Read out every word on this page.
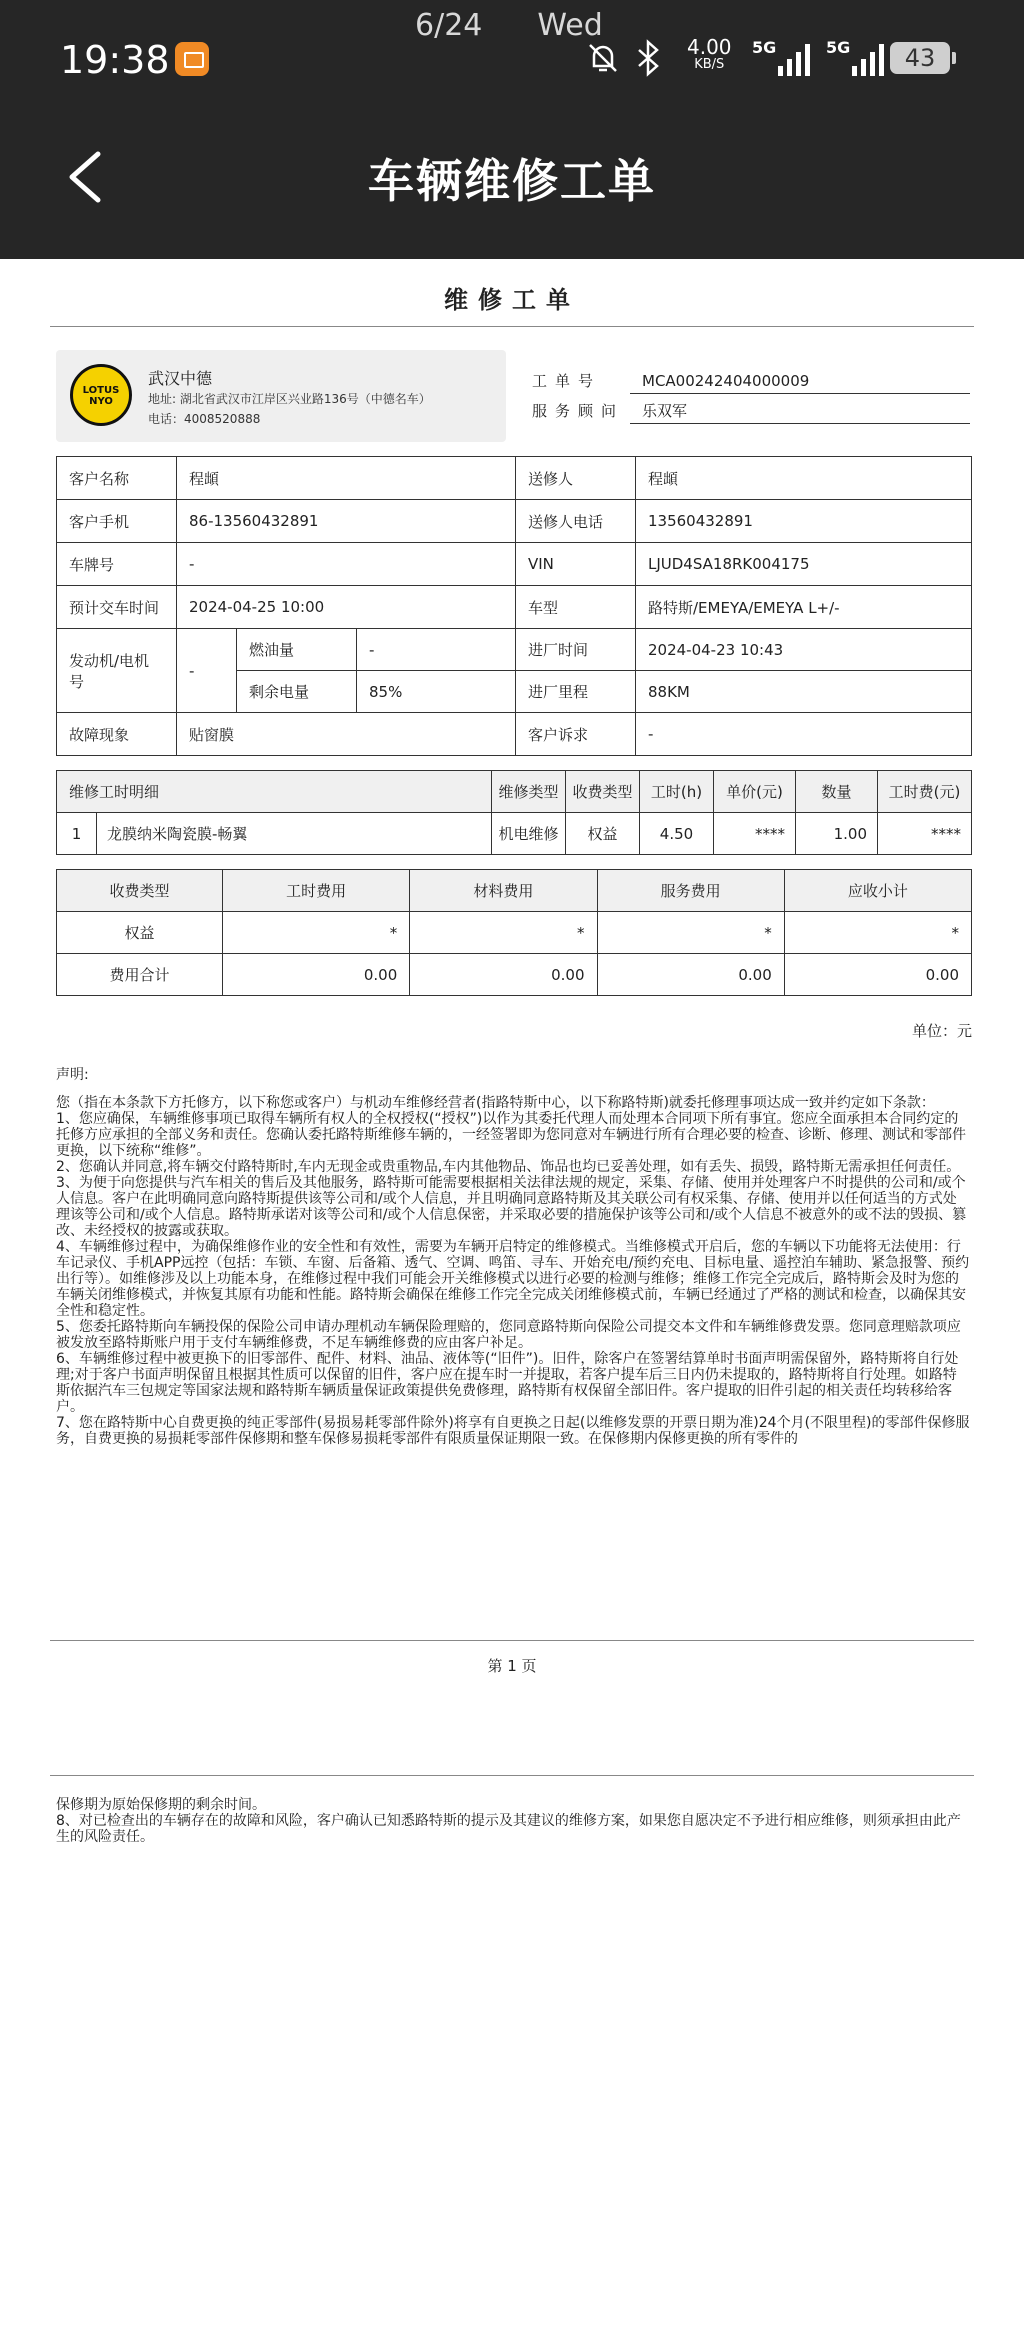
19:38
6/24 Wed
4.00
KB/S
5G	5G	43
车辆维修工单
维修工单
LOTUS NYO
武汉中德
地址: 湖北省武汉市江岸区兴业路136号（中德名车）
电话：4008520888
工单号	MCA00242404000009
服务顾问	乐双军
客户名称	程䪼			送修人	程䪼
客户手机	86-13560432891			送修人电话	13560432891
车牌号	-			VIN	LJUD4SA18RK004175
预计交车时间	2024-04-25 10:00			车型	路特斯/EMEYA/EMEYA L+/-
发动机/电机号	-	燃油量	-	进厂时间	2024-04-23 10:43
		剩余电量	85%	进厂里程	88KM
故障现象	贴窗膜			客户诉求	-
维修工时明细		维修类型	收费类型	工时(h)	单价(元)	数量	工时费(元)
1	龙膜纳米陶瓷膜-畅翼	机电维修	权益	4.50	****	1.00	****
收费类型	工时费用	材料费用	服务费用	应收小计
权益	*	*	*	*
费用合计	0.00	0.00	0.00	0.00
单位：元

声明:

您（指在本条款下方托修方，以下称您或客户）与机动车维修经营者(指路特斯中心，以下称路特斯)就委托修理事项达成一致并约定如下条款：

1、您应确保，车辆维修事项已取得车辆所有权人的全权授权(“授权”)以作为其委托代理人而处理本合同项下所有事宜。您应全面承担本合同约定的托修方应承担的全部义务和责任。您确认委托路特斯维修车辆的，一经签署即为您同意对车辆进行所有合理必要的检查、诊断、修理、测试和零部件更换，以下统称“维修”。

2、您确认并同意,将车辆交付路特斯时,车内无现金或贵重物品,车内其他物品、饰品也均已妥善处理，如有丢失、损毁，路特斯无需承担任何责任。

3、为便于向您提供与汽车相关的售后及其他服务，路特斯可能需要根据相关法律法规的规定，采集、存储、使用并处理客户不时提供的公司和/或个人信息。客户在此明确同意向路特斯提供该等公司和/或个人信息，并且明确同意路特斯及其关联公司有权采集、存储、使用并以任何适当的方式处理该等公司和/或个人信息。路特斯承诺对该等公司和/或个人信息保密，并采取必要的措施保护该等公司和/或个人信息不被意外的或不法的毁损、篡改、未经授权的披露或获取。

4、车辆维修过程中，为确保维修作业的安全性和有效性，需要为车辆开启特定的维修模式。当维修模式开启后，您的车辆以下功能将无法使用：行车记录仪、手机APP远控（包括：车锁、车窗、后备箱、透气、空调、鸣笛、寻车、开始充电/预约充电、目标电量、遥控泊车辅助、紧急报警、预约出行等）。如维修涉及以上功能本身，在维修过程中我们可能会开关维修模式以进行必要的检测与维修；维修工作完全完成后，路特斯会及时为您的车辆关闭维修模式，并恢复其原有功能和性能。路特斯会确保在维修工作完全完成关闭维修模式前，车辆已经通过了严格的测试和检查，以确保其安全性和稳定性。

5、您委托路特斯向车辆投保的保险公司申请办理机动车辆保险理赔的，您同意路特斯向保险公司提交本文件和车辆维修费发票。您同意理赔款项应被发放至路特斯账户用于支付车辆维修费，不足车辆维修费的应由客户补足。

6、车辆维修过程中被更换下的旧零部件、配件、材料、油品、液体等(“旧件”)。旧件，除客户在签署结算单时书面声明需保留外，路特斯将自行处理;对于客户书面声明保留且根据其性质可以保留的旧件，客户应在提车时一并提取，若客户提车后三日内仍未提取的，路特斯将自行处理。如路特斯依据汽车三包规定等国家法规和路特斯车辆质量保证政策提供免费修理，路特斯有权保留全部旧件。客户提取的旧件引起的相关责任均转移给客户。

7、您在路特斯中心自费更换的纯正零部件(易损易耗零部件除外)将享有自更换之日起(以维修发票的开票日期为准)24个月(不限里程)的零部件保修服务，自费更换的易损耗零部件保修期和整车保修易损耗零部件有限质量保证期限一致。在保修期内保修更换的所有零件的

第 1 页

保修期为原始保修期的剩余时间。

8、对已检查出的车辆存在的故障和风险，客户确认已知悉路特斯的提示及其建议的维修方案，如果您自愿决定不予进行相应维修，则须承担由此产生的风险责任。
